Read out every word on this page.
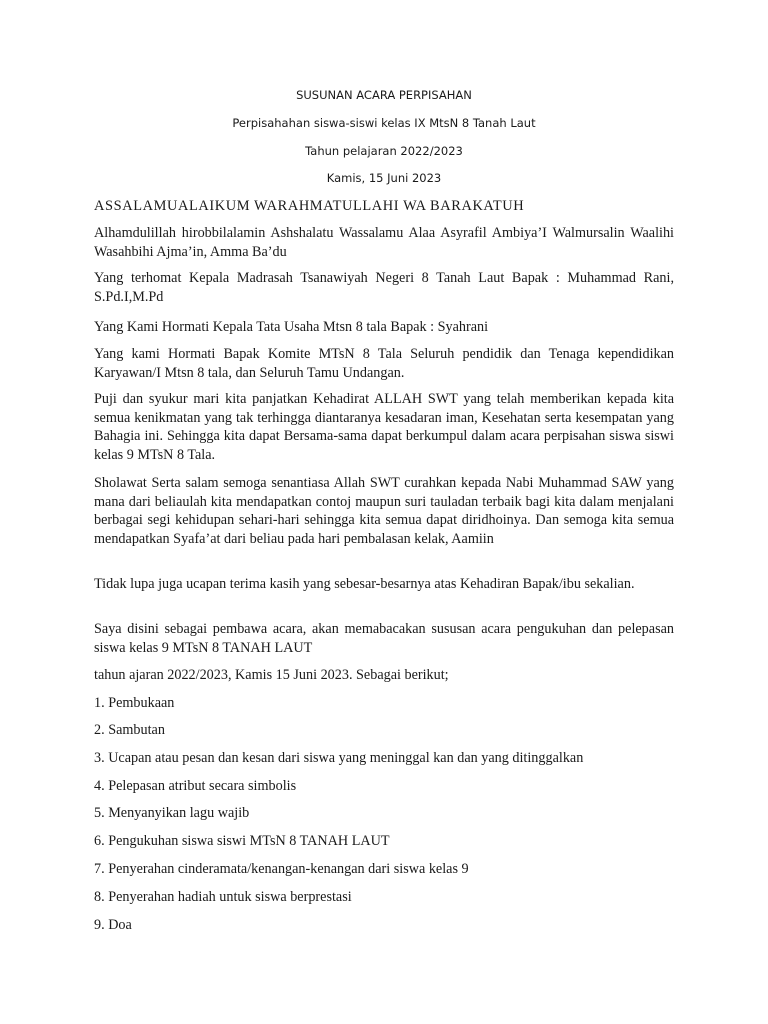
SUSUNAN ACARA PERPISAHAN
Perpisahahan siswa-siswi kelas IX MtsN 8 Tanah Laut
Tahun pelajaran 2022/2023
Kamis, 15 Juni 2023

ASSALAMUALAIKUM WARAHMATULLAHI WA BARAKATUH

Alhamdulillah hirobbilalamin Ashshalatu Wassalamu Alaa Asyrafil Ambiya’I Walmursalin Waalihi Wasahbihi Ajma’in, Amma Ba’du

Yang terhomat Kepala Madrasah Tsanawiyah Negeri 8 Tanah Laut Bapak : Muhammad Rani, S.Pd.I,M.Pd

Yang Kami Hormati Kepala Tata Usaha Mtsn 8 tala Bapak : Syahrani

Yang kami Hormati Bapak Komite MTsN 8 Tala Seluruh pendidik dan Tenaga kependidikan Karyawan/I Mtsn 8 tala, dan Seluruh Tamu Undangan.

Puji dan syukur mari kita panjatkan Kehadirat ALLAH SWT yang telah memberikan kepada kita semua kenikmatan yang tak terhingga diantaranya kesadaran iman, Kesehatan serta kesempatan yang Bahagia ini. Sehingga kita dapat Bersama-sama dapat berkumpul dalam acara perpisahan siswa siswi kelas 9 MTsN 8 Tala.

Sholawat Serta salam semoga senantiasa Allah SWT curahkan kepada Nabi Muhammad SAW yang mana dari beliaulah kita mendapatkan contoj maupun suri tauladan terbaik bagi kita dalam menjalani berbagai segi kehidupan sehari-hari sehingga kita semua dapat diridhoinya. Dan semoga kita semua mendapatkan Syafa’at dari beliau pada hari pembalasan kelak, Aamiin

Tidak lupa juga ucapan terima kasih yang sebesar-besarnya atas Kehadiran Bapak/ibu sekalian.

Saya disini sebagai pembawa acara, akan memabacakan sususan acara pengukuhan dan pelepasan siswa kelas 9 MTsN 8 TANAH LAUT

tahun ajaran 2022/2023, Kamis 15 Juni 2023. Sebagai berikut;

1. Pembukaan

2. Sambutan

3. Ucapan atau pesan dan kesan dari siswa yang meninggal kan dan yang ditinggalkan

4. Pelepasan atribut secara simbolis

5. Menyanyikan lagu wajib

6. Pengukuhan siswa siswi MTsN 8 TANAH LAUT

7. Penyerahan cinderamata/kenangan-kenangan dari siswa kelas 9

8. Penyerahan hadiah untuk siswa berprestasi

9. Doa
